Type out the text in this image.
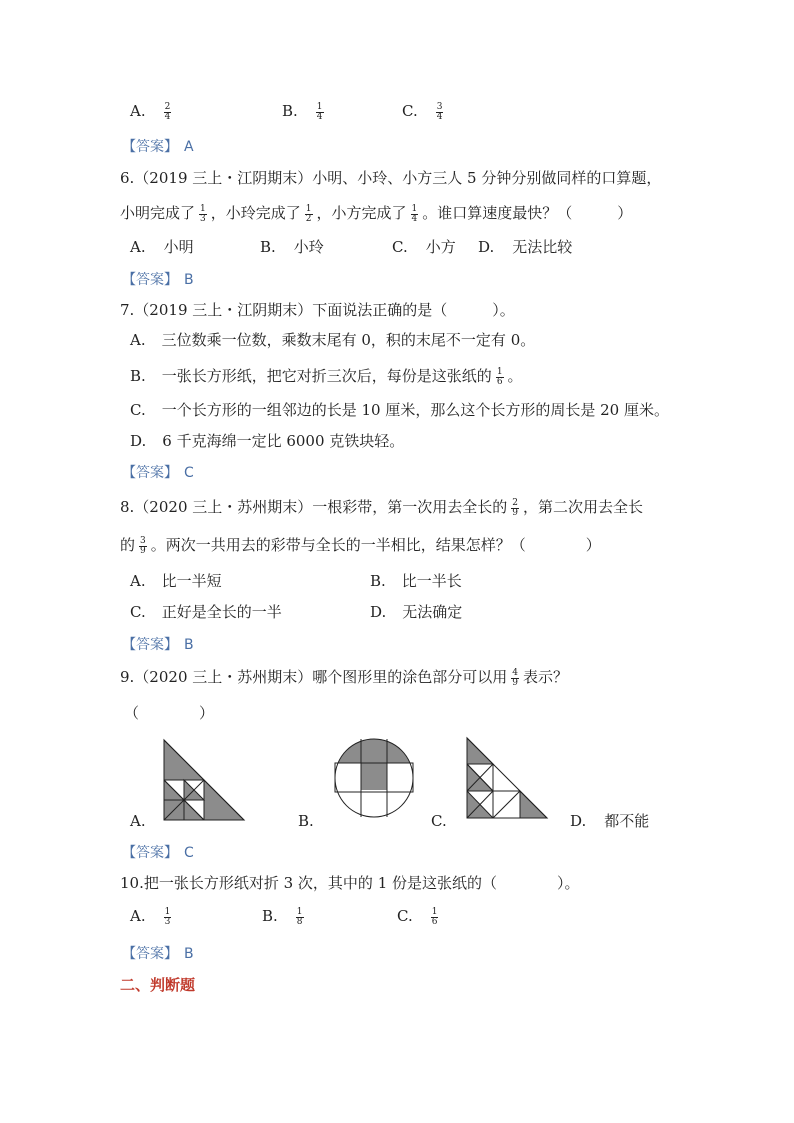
A. $\frac{2}{4}$	B. $\frac{1}{4}$	C. $\frac{3}{4}$
【答案】 A
6.（2019 三上・江阴期末）小明、小玲、小方三人 5 分钟分别做同样的口算题，
小明完成了 $\frac{1}{3}$ ，小玲完成了 $\frac{1}{2}$ ，小方完成了 $\frac{1}{4}$ 。谁口算速度最快？（　　　）
A. 小明	B. 小玲	C. 小方 D. 无法比较
【答案】 B
7.（2019 三上・江阴期末）下面说法正确的是（　　　）。
A. 三位数乘一位数，乘数末尾有 0，积的末尾不一定有 0。
B. 一张长方形纸，把它对折三次后，每份是这张纸的 $\frac{1}{6}$ 。
C. 一个长方形的一组邻边的长是 10 厘米，那么这个长方形的周长是 20 厘米。
D. 6 千克海绵一定比 6000 克铁块轻。
【答案】 C
8.（2020 三上・苏州期末）一根彩带，第一次用去全长的 $\frac{2}{9}$ ，第二次用去全长
的 $\frac{3}{9}$ 。两次一共用去的彩带与全长的一半相比，结果怎样？（　　　　）
A. 比一半短	B. 比一半长
C. 正好是全长的一半	D. 无法确定
【答案】 B
9.（2020 三上・苏州期末）哪个图形里的涂色部分可以用 $\frac{4}{9}$ 表示？
（　　　　）
A.	B.	C.	D. 都不能
【答案】 C
10.把一张长方形纸对折 3 次，其中的 1 份是这张纸的（　　　　）。
A. $\frac{1}{3}$	B. $\frac{1}{8}$	C. $\frac{1}{6}$
【答案】 B
二、判断题
